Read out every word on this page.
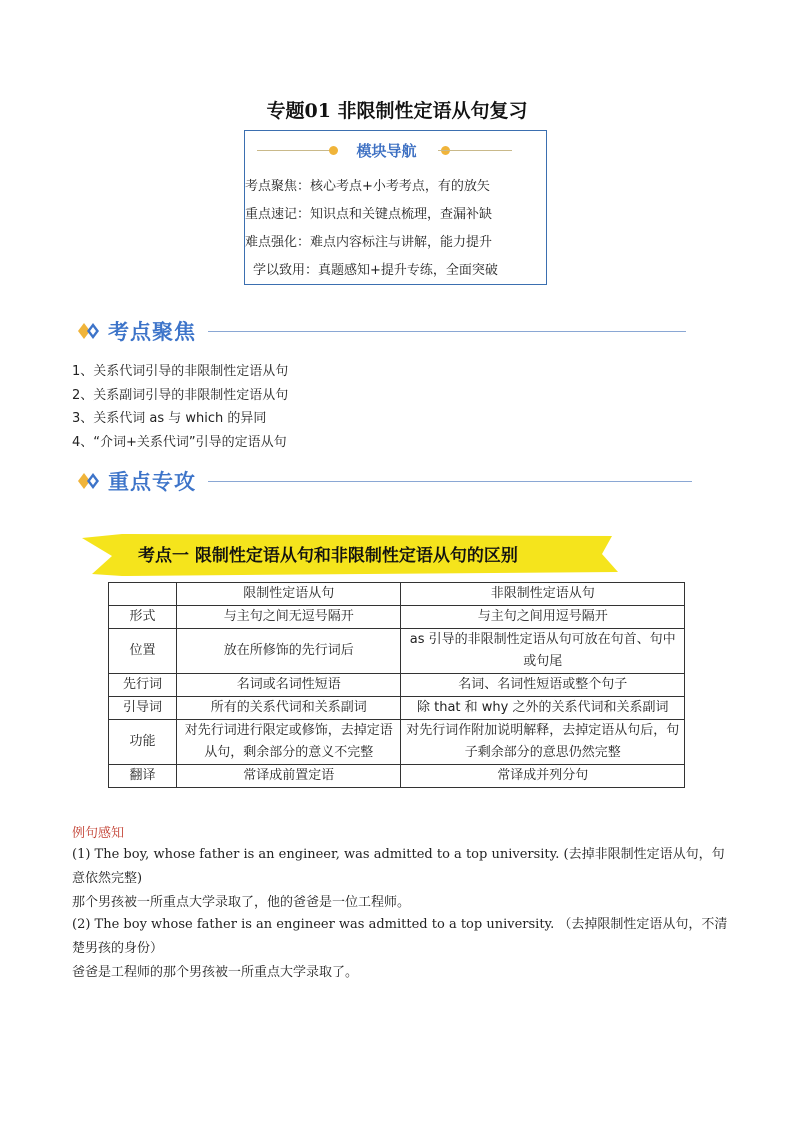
专题01 非限制性定语从句复习
模块导航
考点聚焦：核心考点+小考考点，有的放矢
重点速记：知识点和关键点梳理，查漏补缺
难点强化：难点内容标注与讲解，能力提升
学以致用：真题感知+提升专练，全面突破
考点聚焦
1、关系代词引导的非限制性定语从句
2、关系副词引导的非限制性定语从句
3、关系代词 as 与 which 的异同
4、“介词+关系代词”引导的定语从句
重点专攻
考点一 限制性定语从句和非限制性定语从句的区别
	限制性定语从句	非限制性定语从句
形式	与主句之间无逗号隔开	与主句之间用逗号隔开
位置	放在所修饰的先行词后	as 引导的非限制性定语从句可放在句首、句中或句尾
先行词	名词或名词性短语	名词、名词性短语或整个句子
引导词	所有的关系代词和关系副词	除 that 和 why 之外的关系代词和关系副词
功能	对先行词进行限定或修饰，去掉定语从句，剩余部分的意义不完整	对先行词作附加说明解释，去掉定语从句后，句子剩余部分的意思仍然完整
翻译	常译成前置定语	常译成并列分句
例句感知
(1) The boy, whose father is an engineer, was admitted to a top university. (去掉非限制性定语从句，句意依然完整)
那个男孩被一所重点大学录取了，他的爸爸是一位工程师。
(2) The boy whose father is an engineer was admitted to a top university. （去掉限制性定语从句，不清楚男孩的身份）
爸爸是工程师的那个男孩被一所重点大学录取了。
